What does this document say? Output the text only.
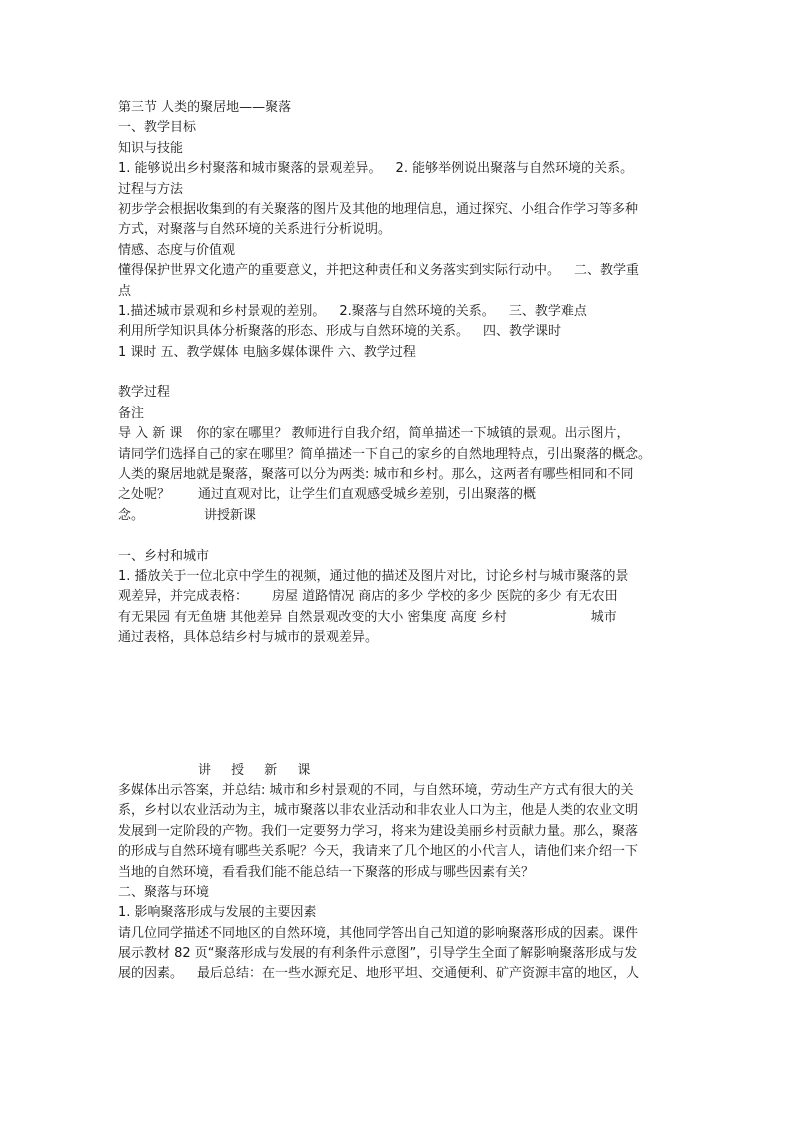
第三节 人类的聚居地——聚落
一、教学目标
知识与技能
1. 能够说出乡村聚落和城市聚落的景观差异。 2. 能够举例说出聚落与自然环境的关系。
过程与方法
初步学会根据收集到的有关聚落的图片及其他的地理信息，通过探究、小组合作学习等多种
方式，对聚落与自然环境的关系进行分析说明。
情感、态度与价值观
懂得保护世界文化遗产的重要意义，并把这种责任和义务落实到实际行动中。 二、教学重
点
1.描述城市景观和乡村景观的差别。 2.聚落与自然环境的关系。 三、教学难点
利用所学知识具体分析聚落的形态、形成与自然环境的关系。 四、教学课时
1 课时 五、教学媒体 电脑多媒体课件 六、教学过程
教学过程
备注
导 入 新 课 你的家在哪里？ 教师进行自我介绍，简单描述一下城镇的景观。出示图片，
请同学们选择自己的家在哪里？简单描述一下自己的家乡的自然地理特点，引出聚落的概念。
人类的聚居地就是聚落，聚落可以分为两类: 城市和乡村。那么，这两者有哪些相同和不同
之处呢？ 通过直观对比，让学生们直观感受城乡差别，引出聚落的概
念。	讲授新课
一、乡村和城市
1. 播放关于一位北京中学生的视频，通过他的描述及图片对比，讨论乡村与城市聚落的景
观差异，并完成表格： 房屋 道路情况 商店的多少 学校的多少 医院的多少 有无农田
有无果园 有无鱼塘 其他差异 自然景观改变的大小 密集度 高度 乡村	城市
通过表格，具体总结乡村与城市的景观差异。
讲 授 新 课
多媒体出示答案，并总结: 城市和乡村景观的不同，与自然环境，劳动生产方式有很大的关
系，乡村以农业活动为主，城市聚落以非农业活动和非农业人口为主，他是人类的农业文明
发展到一定阶段的产物。我们一定要努力学习，将来为建设美丽乡村贡献力量。那么，聚落
的形成与自然环境有哪些关系呢？今天，我请来了几个地区的小代言人，请他们来介绍一下
当地的自然环境，看看我们能不能总结一下聚落的形成与哪些因素有关？
二、聚落与环境
1. 影响聚落形成与发展的主要因素
请几位同学描述不同地区的自然环境，其他同学答出自己知道的影响聚落形成的因素。课件
展示教材 82 页“聚落形成与发展的有利条件示意图”，引导学生全面了解影响聚落形成与发
展的因素。 最后总结：在一些水源充足、地形平坦、交通便利、矿产资源丰富的地区，人
